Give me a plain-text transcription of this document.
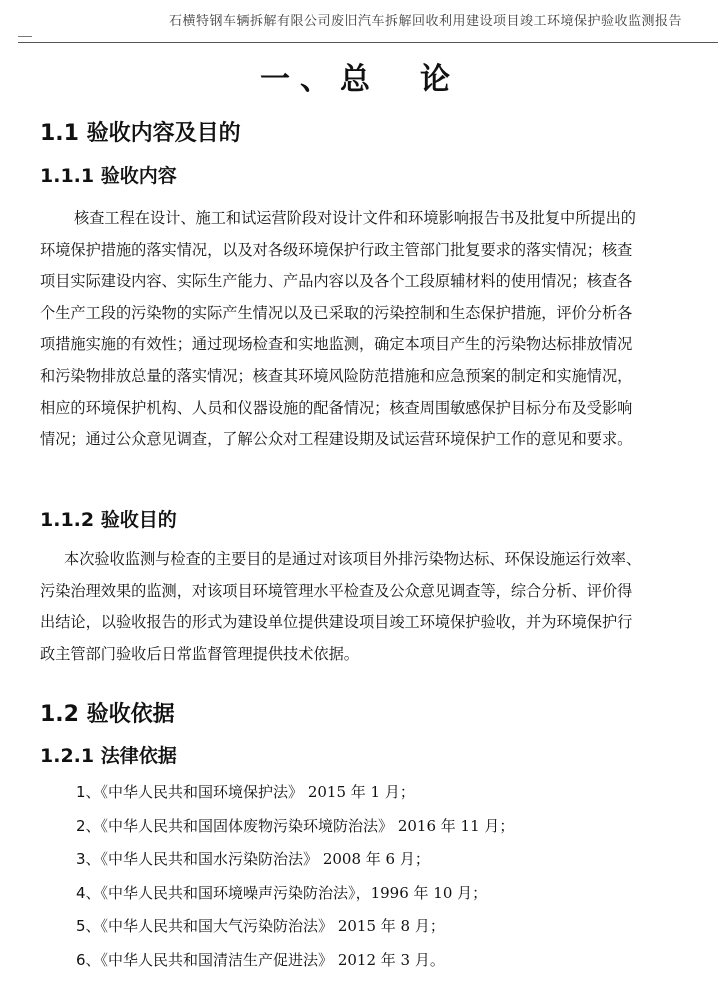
石横特钢车辆拆解有限公司废旧汽车拆解回收利用建设项目竣工环境保护验收监测报告
一、总　论
1.1 验收内容及目的
1.1.1 验收内容
核查工程在设计、施工和试运营阶段对设计文件和环境影响报告书及批复中所提出的
环境保护措施的落实情况，以及对各级环境保护行政主管部门批复要求的落实情况；核查
项目实际建设内容、实际生产能力、产品内容以及各个工段原辅材料的使用情况；核查各
个生产工段的污染物的实际产生情况以及已采取的污染控制和生态保护措施，评价分析各
项措施实施的有效性；通过现场检查和实地监测，确定本项目产生的污染物达标排放情况
和污染物排放总量的落实情况；核查其环境风险防范措施和应急预案的制定和实施情况，
相应的环境保护机构、人员和仪器设施的配备情况；核查周围敏感保护目标分布及受影响
情况；通过公众意见调查，了解公众对工程建设期及试运营环境保护工作的意见和要求。
1.1.2 验收目的
本次验收监测与检查的主要目的是通过对该项目外排污染物达标、环保设施运行效率、
污染治理效果的监测，对该项目环境管理水平检查及公众意见调查等，综合分析、评价得
出结论，以验收报告的形式为建设单位提供建设项目竣工环境保护验收，并为环境保护行
政主管部门验收后日常监督管理提供技术依据。
1.2 验收依据
1.2.1 法律依据
1、《中华人民共和国环境保护法》 2015 年 1 月；
2、《中华人民共和国固体废物污染环境防治法》 2016 年 11 月；
3、《中华人民共和国水污染防治法》 2008 年 6 月；
4、《中华人民共和国环境噪声污染防治法》，1996 年 10 月；
5、《中华人民共和国大气污染防治法》 2015 年 8 月；
6、《中华人民共和国清洁生产促进法》 2012 年 3 月。
